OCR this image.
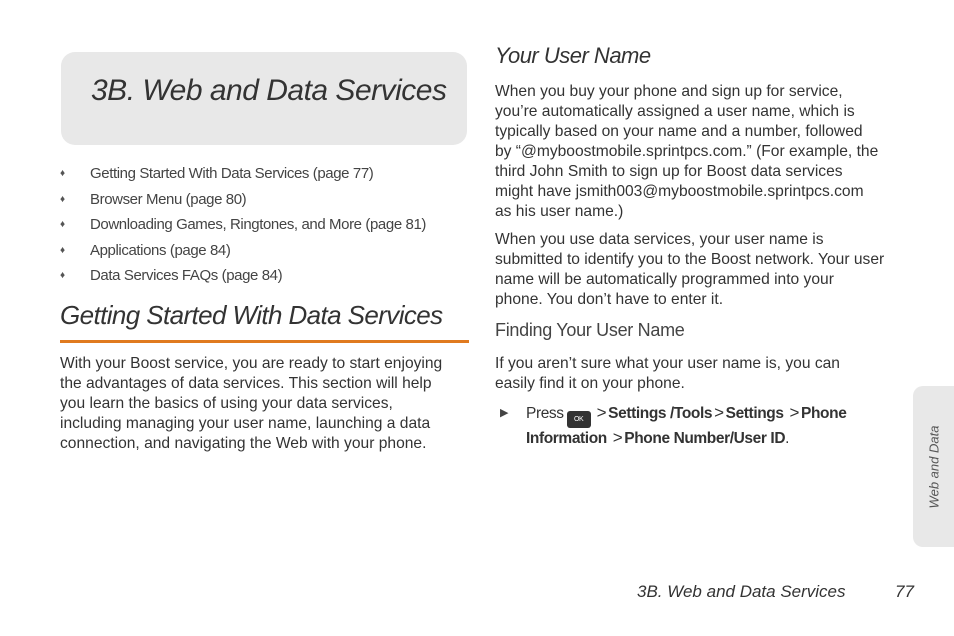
3B. Web and Data Services
♦	Getting Started With Data Services (page 77)
♦	Browser Menu (page 80)
♦	Downloading Games, Ringtones, and More (page 81)
♦	Applications (page 84)
♦	Data Services FAQs (page 84)
Getting Started With Data Services

With your Boost service, you are ready to start enjoying
the advantages of data services. This section will help
you learn the basics of using your data services,
including managing your user name, launching a data
connection, and navigating the Web with your phone.

Your User Name

When you buy your phone and sign up for service,
you’re automatically assigned a user name, which is
typically based on your name and a number, followed
by “@myboostmobile.sprintpcs.com.” (For example, the
third John Smith to sign up for Boost data services
might have jsmith003@myboostmobile.sprintpcs.com
as his user name.)

When you use data services, your user name is
submitted to identify you to the Boost network. Your user
name will be automatically programmed into your
phone. You don’t have to enter it.

Finding Your User Name

If you aren’t sure what your user name is, you can
easily find it on your phone.

▶ Press OK > Settings /Tools > Settings > Phone Information > Phone Number/User ID.	Web and Data
3B. Web and Data Services	77
